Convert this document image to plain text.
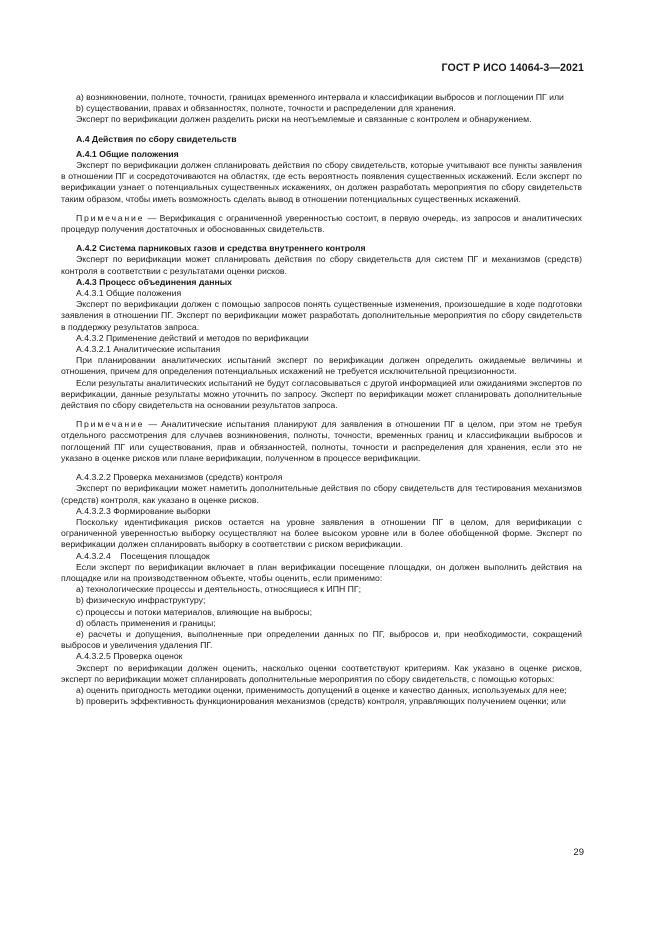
ГОСТ Р ИСО 14064-3—2021

a) возникновении, полноте, точности, границах временного интервала и классификации выбросов и поглощении ПГ или

b) существовании, правах и обязанностях, полноте, точности и распределении для хранения.

Эксперт по верификации должен разделить риски на неотъемлемые и связанные с контролем и обнаружением.

А.4 Действия по сбору свидетельств

А.4.1 Общие положения

Эксперт по верификации должен спланировать действия по сбору свидетельств, которые учитывают все пункты заявления в отношении ПГ и сосредоточиваются на областях, где есть вероятность появления существенных искажений. Если эксперт по верификации узнает о потенциальных существенных искажениях, он должен разработать мероприятия по сбору свидетельств таким образом, чтобы иметь возможность сделать вывод в отношении потенциальных существенных искажений.

Примечание — Верификация с ограниченной уверенностью состоит, в первую очередь, из запросов и аналитических процедур получения достаточных и обоснованных свидетельств.

А.4.2 Система парниковых газов и средства внутреннего контроля

Эксперт по верификации может спланировать действия по сбору свидетельств для систем ПГ и механизмов (средств) контроля в соответствии с результатами оценки рисков.

А.4.3 Процесс объединения данных

А.4.3.1 Общие положения

Эксперт по верификации должен с помощью запросов понять существенные изменения, произошедшие в ходе подготовки заявления в отношении ПГ. Эксперт по верификации может разработать дополнительные мероприятия по сбору свидетельств в поддержку результатов запроса.

А.4.3.2 Применение действий и методов по верификации

А.4.3.2.1 Аналитические испытания

При планировании аналитических испытаний эксперт по верификации должен определить ожидаемые величины и отношения, причем для определения потенциальных искажений не требуется исключительной прецизионности.

Если результаты аналитических испытаний не будут согласовываться с другой информацией или ожиданиями экспертов по верификации, данные результаты можно уточнить по запросу. Эксперт по верификации может спланировать дополнительные действия по сбору свидетельств на основании результатов запроса.

Примечание — Аналитические испытания планируют для заявления в отношении ПГ в целом, при этом не требуя отдельного рассмотрения для случаев возникновения, полноты, точности, временных границ и классификации выбросов и поглощений ПГ или существования, прав и обязанностей, полноты, точности и распределения для хранения, если это не указано в оценке рисков или плане верификации, полученном в процессе верификации.

А.4.3.2.2 Проверка механизмов (средств) контроля

Эксперт по верификации может наметить дополнительные действия по сбору свидетельств для тестирования механизмов (средств) контроля, как указано в оценке рисков.

А.4.3.2.3 Формирование выборки

Поскольку идентификация рисков остается на уровне заявления в отношении ПГ в целом, для верификации с ограниченной уверенностью выборку осуществляют на более высоком уровне или в более обобщенной форме. Эксперт по верификации должен спланировать выборку в соответствии с риском верификации.

А.4.3.2.4    Посещения площадок

Если эксперт по верификации включает в план верификации посещение площадки, он должен выполнить действия на площадке или на производственном объекте, чтобы оценить, если применимо:

а) технологические процессы и деятельность, относящиеся к ИПН ПГ;

b) физическую инфраструктуру;

с) процессы и потоки материалов, влияющие на выбросы;

d) область применения и границы;

e) расчеты и допущения, выполненные при определении данных по ПГ, выбросов и, при необходимости, сокращений выбросов и увеличения удаления ПГ.

А.4.3.2.5 Проверка оценок

Эксперт по верификации должен оценить, насколько оценки соответствуют критериям. Как указано в оценке рисков, эксперт по верификации может спланировать дополнительные мероприятия по сбору свидетельств, с помощью которых:

а) оценить пригодность методики оценки, применимость допущений в оценке и качество данных, используемых для нее;

b) проверить эффективность функционирования механизмов (средств) контроля, управляющих получением оценки; или

29
